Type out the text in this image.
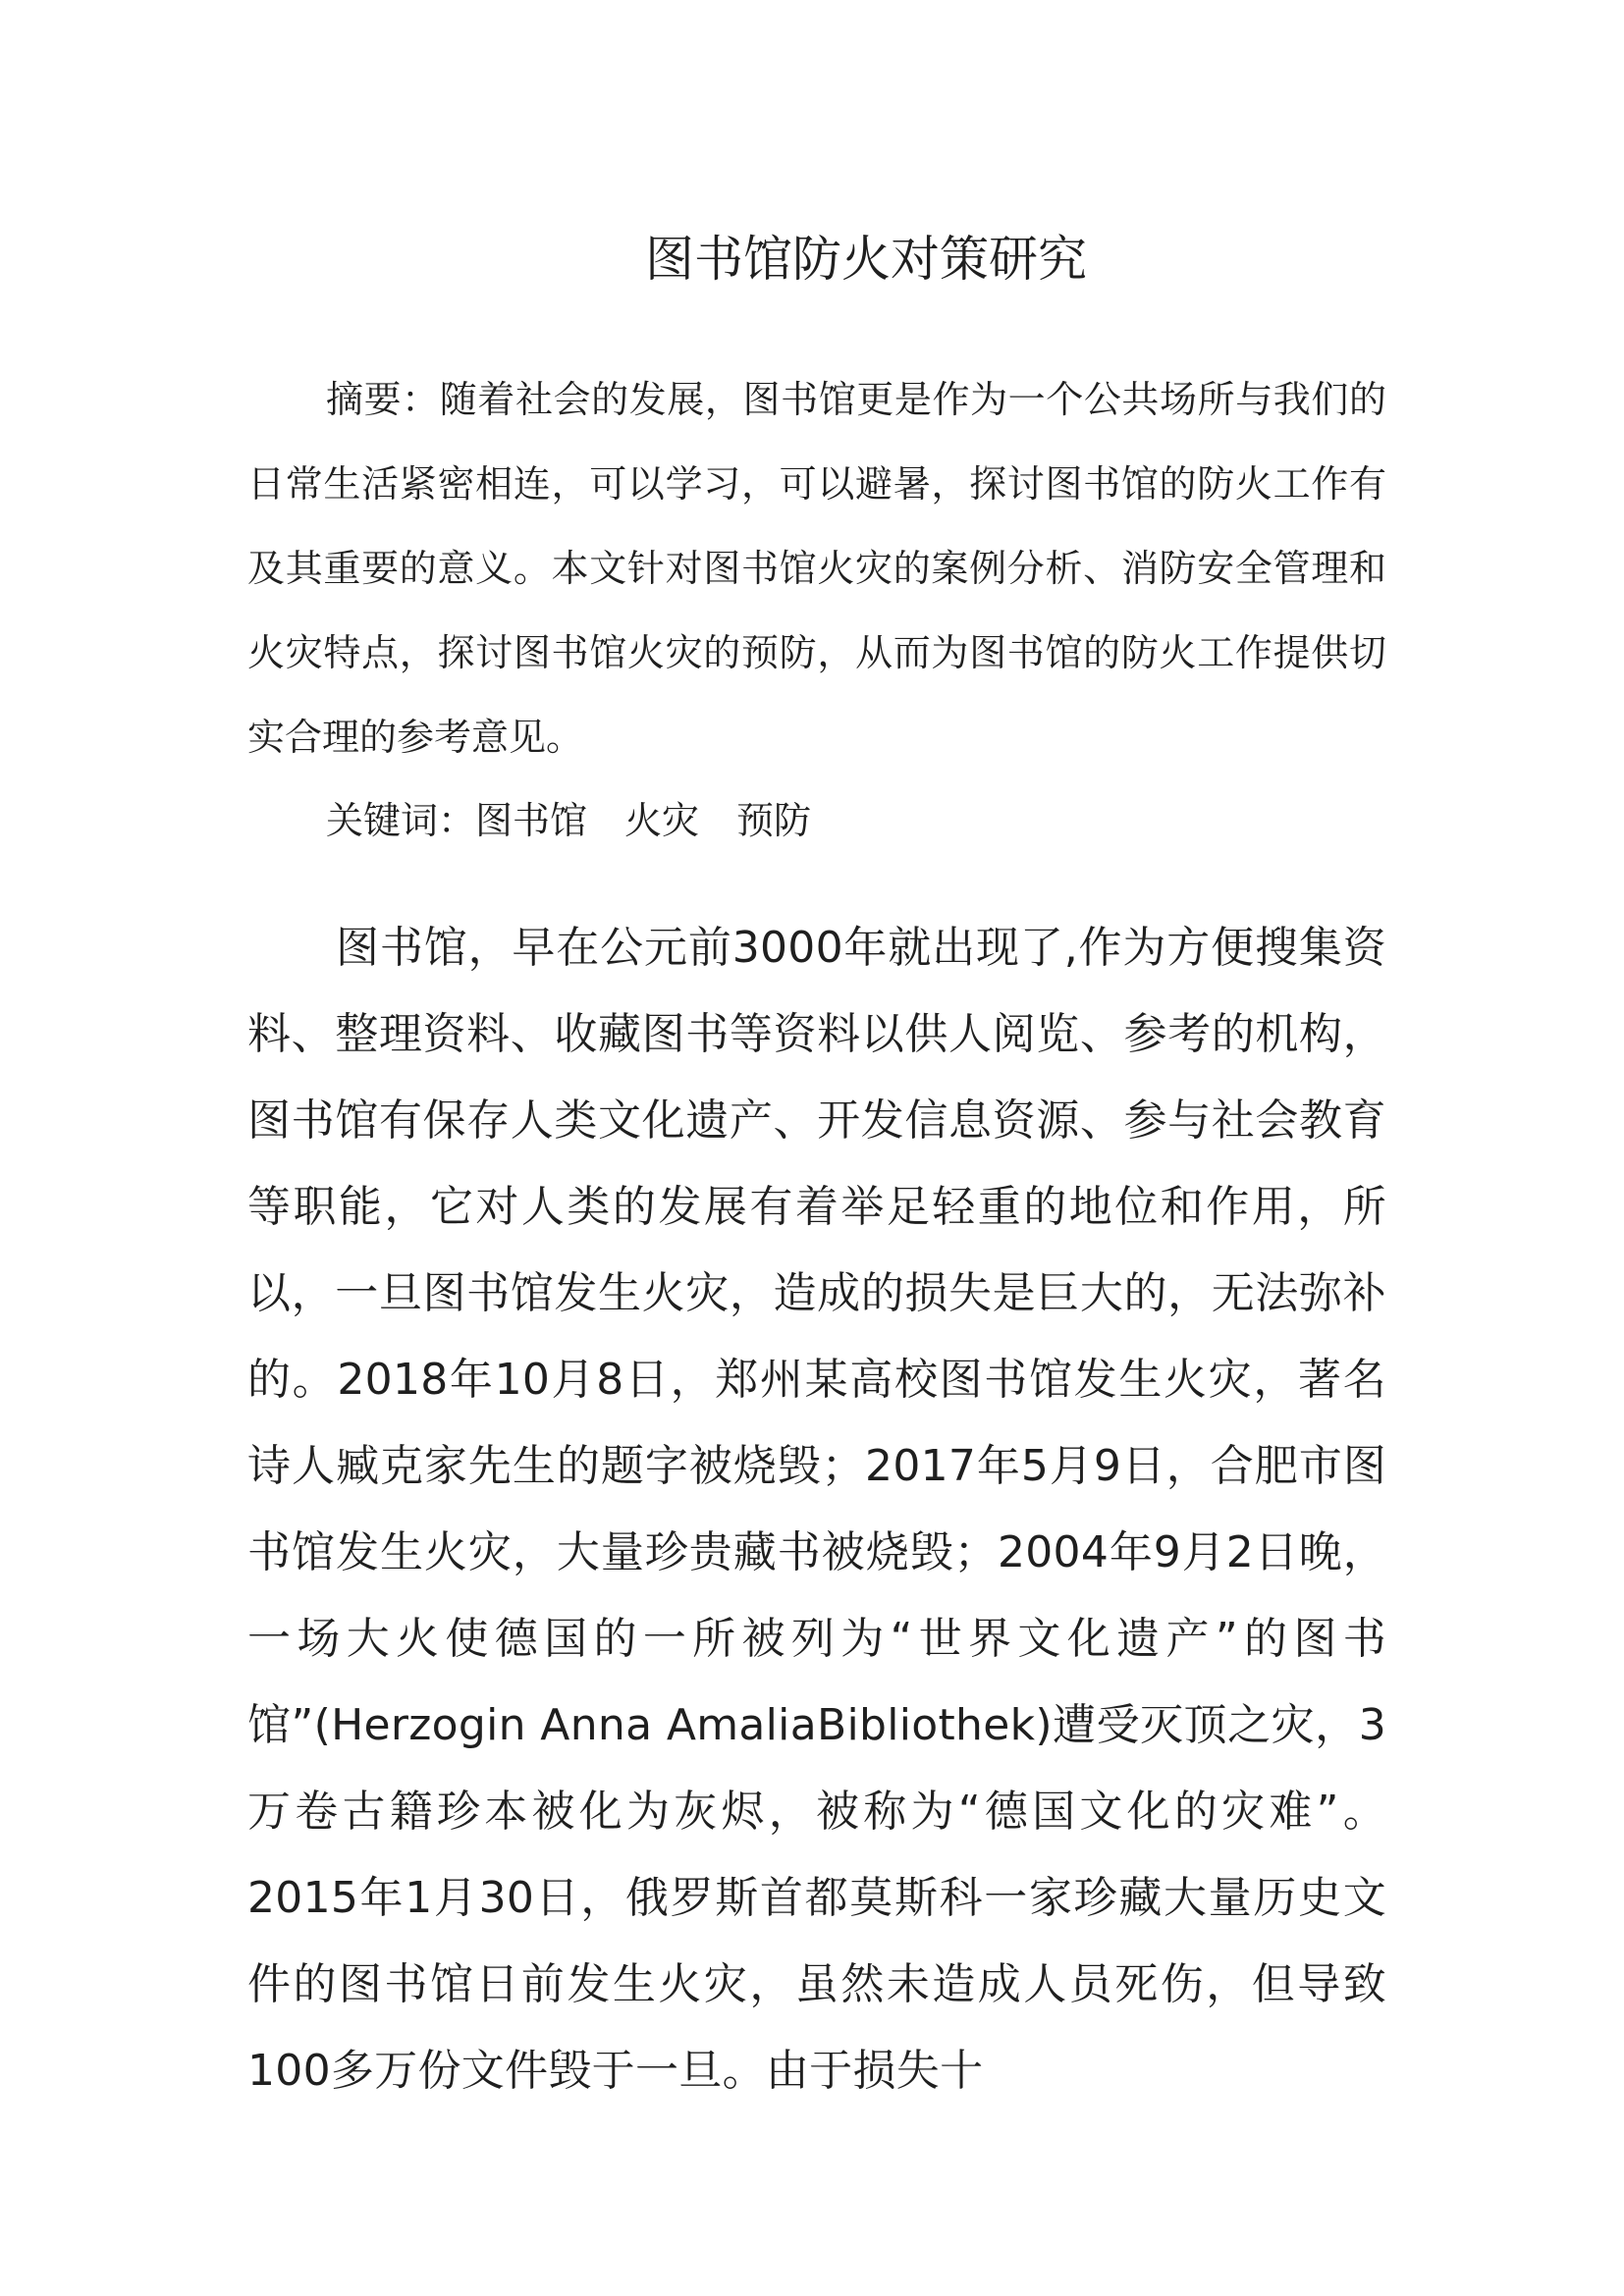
图书馆防火对策研究

摘要：随着社会的发展，图书馆更是作为一个公共场所与我们的日常生活紧密相连，可以学习，可以避暑，探讨图书馆的防火工作有及其重要的意义。本文针对图书馆火灾的案例分析、消防安全管理和火灾特点，探讨图书馆火灾的预防，从而为图书馆的防火工作提供切实合理的参考意见。

关键词：图书馆　火灾　预防

图书馆，早在公元前3000年就出现了,作为方便搜集资料、整理资料、收藏图书等资料以供人阅览、参考的机构，图书馆有保存人类文化遗产、开发信息资源、参与社会教育等职能，它对人类的发展有着举足轻重的地位和作用，所以，一旦图书馆发生火灾，造成的损失是巨大的，无法弥补的。2018年10月8日，郑州某高校图书馆发生火灾，著名诗人臧克家先生的题字被烧毁；2017年5月9日，合肥市图书馆发生火灾，大量珍贵藏书被烧毁；2004年9月2日晚，一场大火使德国的一所被列为“世界文化遗产”的图书馆”(Herzogin Anna AmaliaBibliothek)遭受灭顶之灾，3万卷古籍珍本被化为灰烬，被称为“德国文化的灾难”。2015年1月30日，俄罗斯首都莫斯科一家珍藏大量历史文件的图书馆日前发生火灾，虽然未造成人员死伤，但导致100多万份文件毁于一旦。由于损失十
